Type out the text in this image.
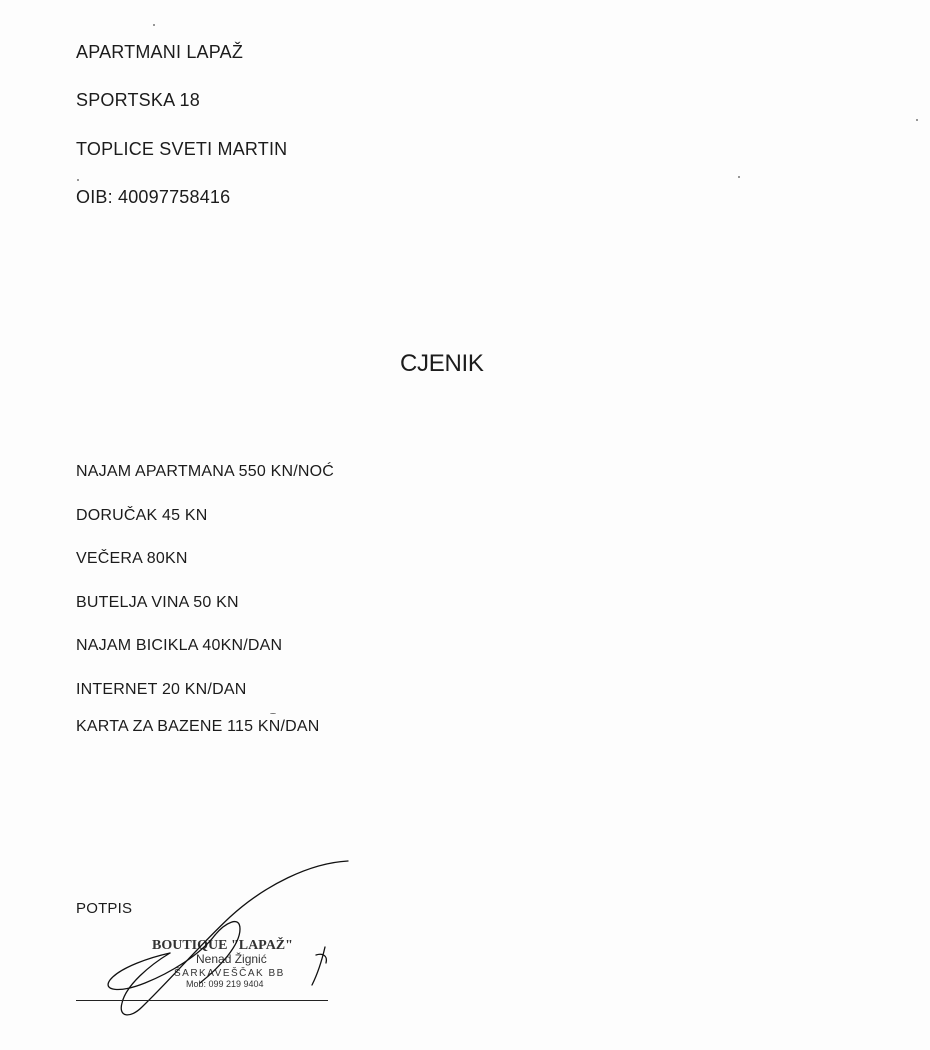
APARTMANI LAPAŽ
SPORTSKA 18
TOPLICE SVETI MARTIN
OIB: 40097758416
CJENIK
NAJAM APARTMANA 550 KN/NOĆ
DORUČAK 45 KN
VEČERA 80KN
BUTELJA VINA 50 KN
NAJAM BICIKLA 40KN/DAN
INTERNET 20 KN/DAN
KARTA ZA BAZENE 115 KN/DAN
POTPIS
BOUTIQUE "LAPAŽ"
Nenad Žignić
ŠARKAVEŠČAK BB
Mob: 099 219 9404
